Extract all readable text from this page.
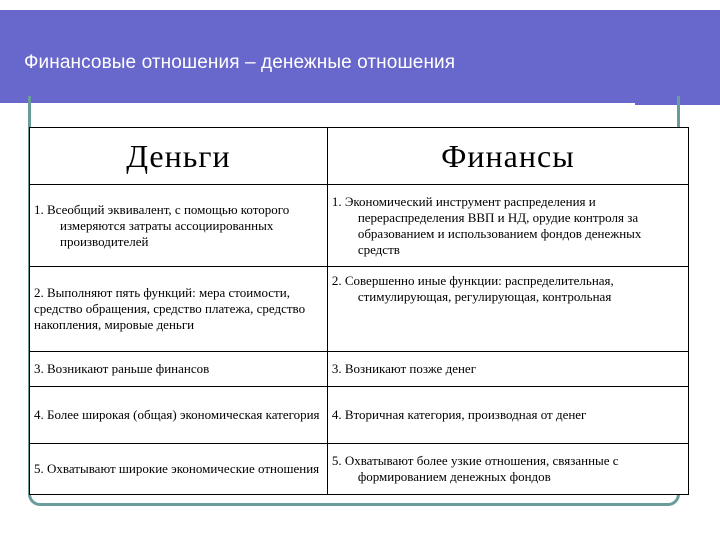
Финансовые отношения – денежные отношения
Деньги	Финансы

1. Всеобщий эквивалент, с помощью которого измеряются затраты ассоциированных производителей	1. Экономический инструмент распределения и перераспределения ВВП и НД, орудие контроля за образованием и использованием фондов денежных средств

2. Выполняют пять функций: мера стоимости, средство обращения, средство платежа, средство накопления, мировые деньги	2. Совершенно иные функции: распределительная, стимулирующая, регулирующая, контрольная

3. Возникают раньше финансов	3. Возникают позже денег

4. Более широкая (общая) экономическая категория	4. Вторичная категория, производная от денег

5. Охватывают широкие экономические отношения	5. Охватывают более узкие отношения, связанные с формированием денежных фондов
